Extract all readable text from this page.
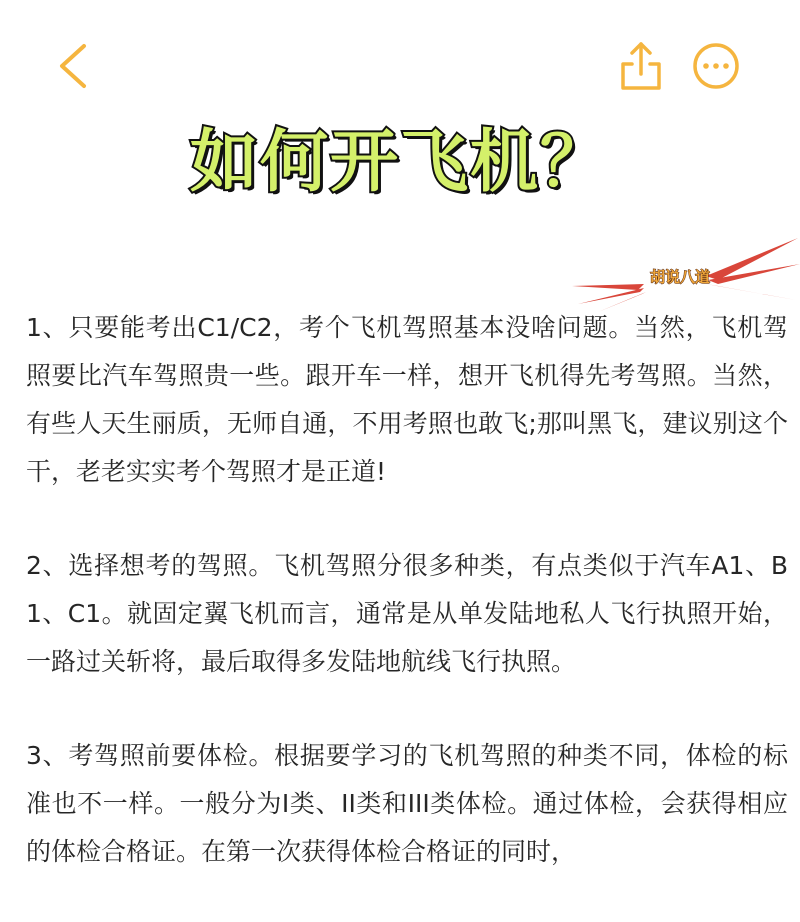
如何开飞机？
胡说八道

1、只要能考出C1/C2，考个飞机驾照基本没啥问题。当然，飞机驾照要比汽车驾照贵一些。跟开车一样，想开飞机得先考驾照。当然，有些人天生丽质，无师自通，不用考照也敢飞;那叫黑飞，建议别这个干，老老实实考个驾照才是正道!

2、选择想考的驾照。飞机驾照分很多种类，有点类似于汽车A1、B1、C1。就固定翼飞机而言，通常是从单发陆地私人飞行执照开始，一路过关斩将，最后取得多发陆地航线飞行执照。

3、考驾照前要体检。根据要学习的飞机驾照的种类不同，体检的标准也不一样。一般分为I类、II类和III类体检。通过体检，会获得相应的体检合格证。在第一次获得体检合格证的同时，
